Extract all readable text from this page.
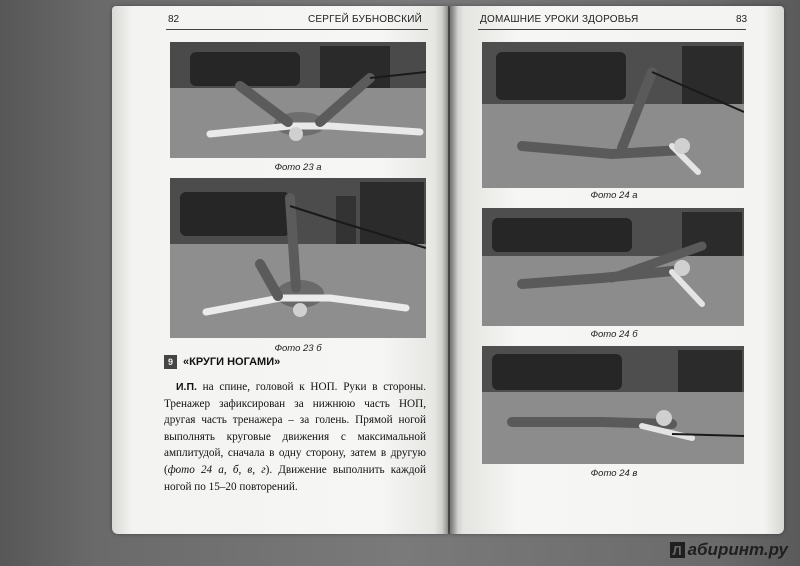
82	СЕРГЕЙ БУБНОВСКИЙ
Фото 23 а
Фото 23 б
9 «КРУГИ НОГАМИ»

И.П. на спине, головой к НОП. Руки в стороны. Тренажер зафиксирован за нижнюю часть НОП, другая часть тренажера – за голень. Прямой ногой выполнять круговые движения с максимальной амплитудой, сначала в одну сторону, затем в другую (фото 24 а, б, в, г). Движение выполнить каждой ногой по 15–20 повторений.

ДОМАШНИЕ УРОКИ ЗДОРОВЬЯ	83
Фото 24 а
Фото 24 б
Фото 24 в
Л абиринт.ру
